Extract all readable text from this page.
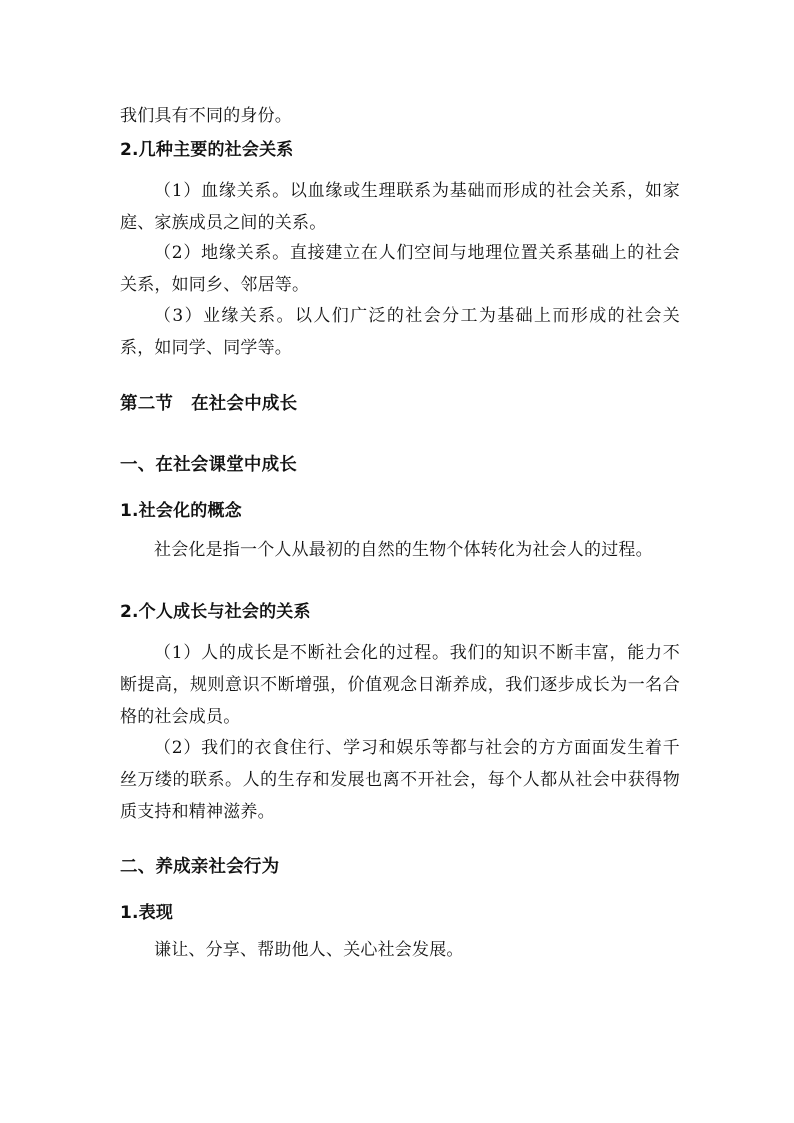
我们具有不同的身份。

2.几种主要的社会关系

（1）血缘关系。以血缘或生理联系为基础而形成的社会关系，如家庭、家族成员之间的关系。

（2）地缘关系。直接建立在人们空间与地理位置关系基础上的社会关系，如同乡、邻居等。

（3）业缘关系。以人们广泛的社会分工为基础上而形成的社会关系，如同学、同学等。

第二节 在社会中成长

一、在社会课堂中成长

1.社会化的概念

社会化是指一个人从最初的自然的生物个体转化为社会人的过程。

2.个人成长与社会的关系

（1）人的成长是不断社会化的过程。我们的知识不断丰富，能力不断提高，规则意识不断增强，价值观念日渐养成，我们逐步成长为一名合格的社会成员。

（2）我们的衣食住行、学习和娱乐等都与社会的方方面面发生着千丝万缕的联系。人的生存和发展也离不开社会，每个人都从社会中获得物质支持和精神滋养。

二、养成亲社会行为

1.表现

谦让、分享、帮助他人、关心社会发展。
